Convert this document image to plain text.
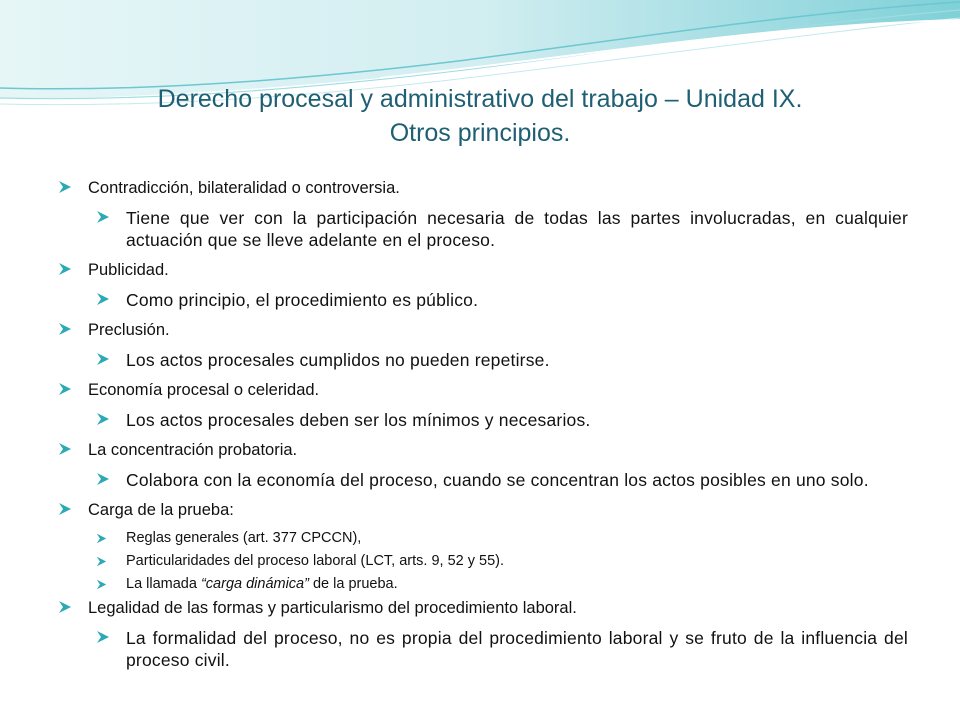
Derecho procesal y administrativo del trabajo – Unidad IX.
Otros principios.
Contradicción, bilateralidad o controversia.
Tiene que ver con la participación necesaria de todas las partes involucradas, en cualquier actuación que se lleve adelante en el proceso.
Publicidad.
Como principio, el procedimiento es público.
Preclusión.
Los actos procesales cumplidos no pueden repetirse.
Economía procesal o celeridad.
Los actos procesales deben ser los mínimos y necesarios.
La concentración probatoria.
Colabora con la economía del proceso, cuando se concentran los actos posibles en uno solo.
Carga de la prueba:
Reglas generales (art. 377 CPCCN),
Particularidades del proceso laboral (LCT, arts. 9, 52 y 55).
La llamada “carga dinámica” de la prueba.
Legalidad de las formas y particularismo del procedimiento laboral.
La formalidad del proceso, no es propia del procedimiento laboral y se fruto de la influencia del proceso civil.
